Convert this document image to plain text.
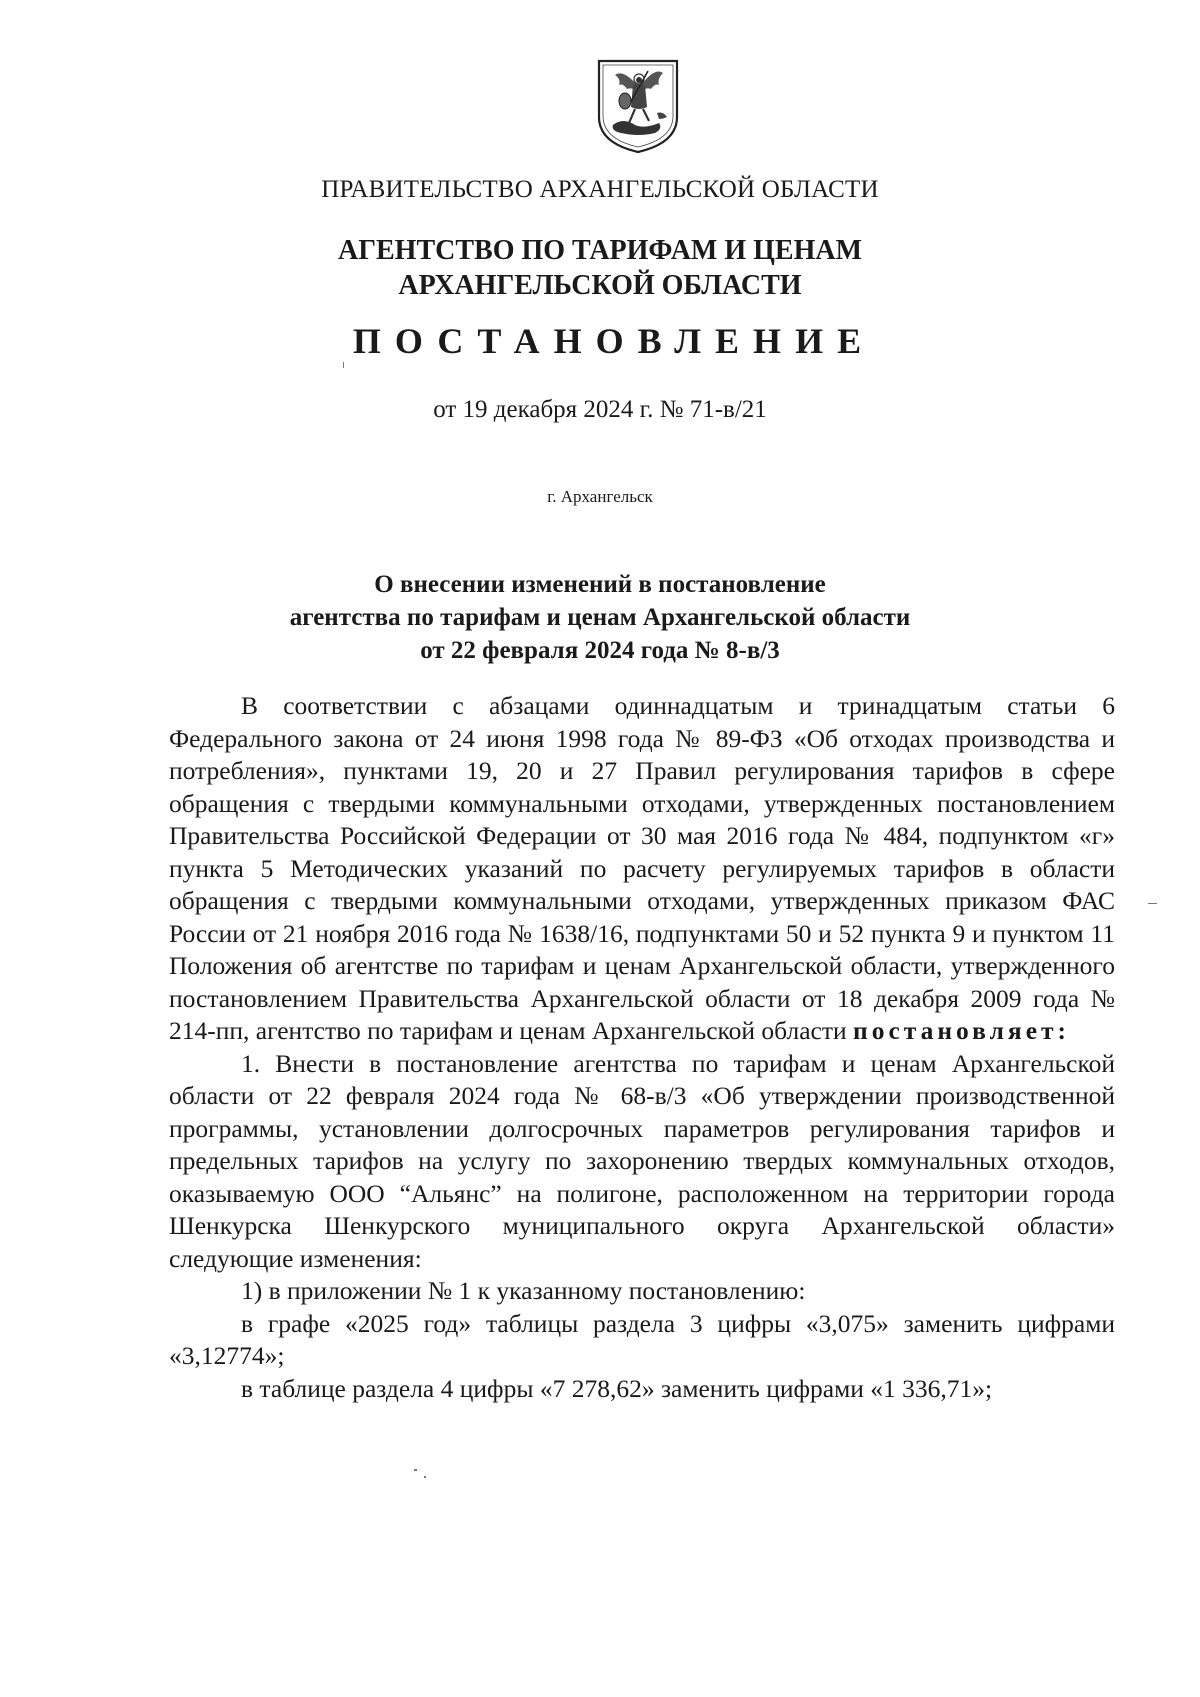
ПРАВИТЕЛЬСТВО АРХАНГЕЛЬСКОЙ ОБЛАСТИ
АГЕНТСТВО ПО ТАРИФАМ И ЦЕНАМ
АРХАНГЕЛЬСКОЙ ОБЛАСТИ
ПОСТАНОВЛЕНИЕ
от 19 декабря 2024 г. № 71-в/21
г. Архангельск
О внесении изменений в постановление
агентства по тарифам и ценам Архангельской области
от 22 февраля 2024 года № 8-в/3

В соответствии с абзацами одиннадцатым и тринадцатым статьи 6 Федерального закона от 24 июня 1998 года № 89-ФЗ «Об отходах производства и потребления», пунктами 19, 20 и 27 Правил регулирования тарифов в сфере обращения с твердыми коммунальными отходами, утвержденных постановлением Правительства Российской Федерации от 30 мая 2016 года № 484, подпунктом «г» пункта 5 Методических указаний по расчету регулируемых тарифов в области обращения с твердыми коммунальными отходами, утвержденных приказом ФАС России от 21 ноября 2016 года № 1638/16, подпунктами 50 и 52 пункта 9 и пунктом 11 Положения об агентстве по тарифам и ценам Архангельской области, утвержденного постановлением Правительства Архангельской области от 18 декабря 2009 года № 214-пп, агентство по тарифам и ценам Архангельской области постановляет:

1. Внести в постановление агентства по тарифам и ценам Архангельской области от 22 февраля 2024 года № 68-в/3 «Об утверждении производственной программы, установлении долгосрочных параметров регулирования тарифов и предельных тарифов на услугу по захоронению твердых коммунальных отходов, оказываемую ООО “Альянс” на полигоне, расположенном на территории города Шенкурска Шенкурского муниципального округа Архангельской области» следующие изменения:

1) в приложении № 1 к указанному постановлению:

в графе «2025 год» таблицы раздела 3 цифры «3,075» заменить цифрами «3,12774»;

в таблице раздела 4 цифры «7 278,62» заменить цифрами «1 336,71»;
